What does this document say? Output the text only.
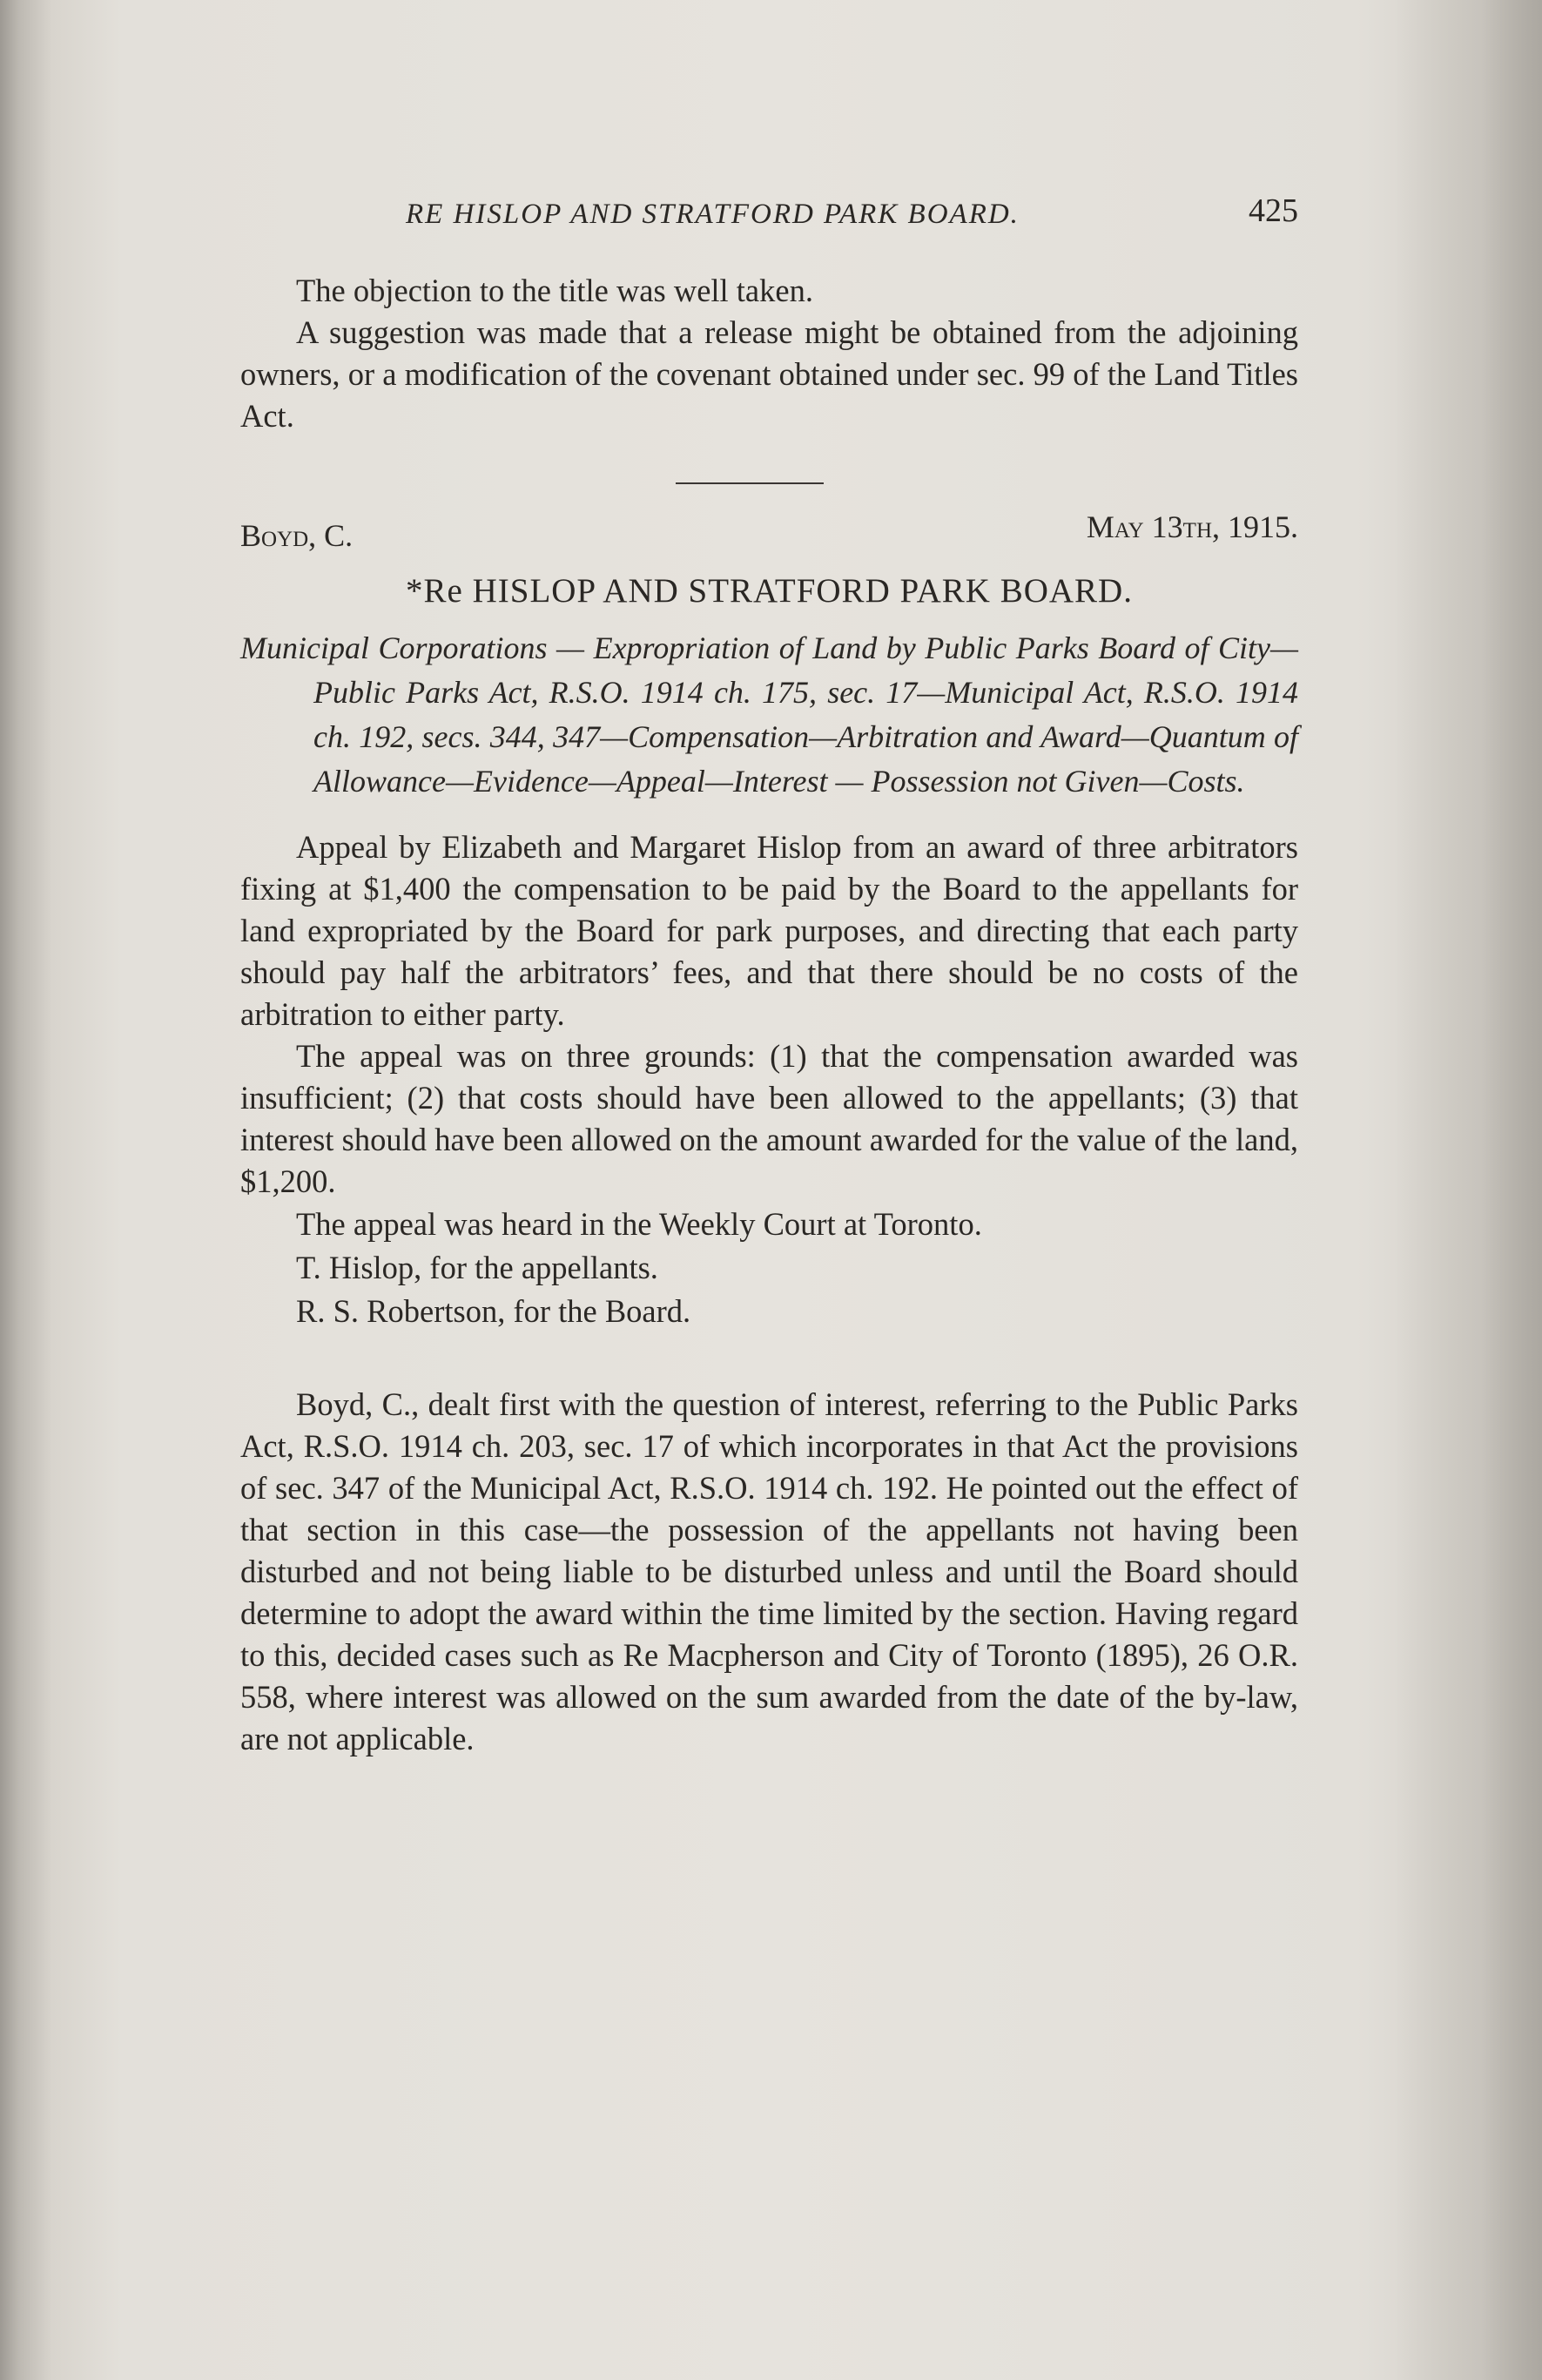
RE HISLOP AND STRATFORD PARK BOARD.	425

The objection to the title was well taken.

A suggestion was made that a release might be obtained from the adjoining owners, or a modification of the covenant obtained under sec. 99 of the Land Titles Act.

Boyd, C.	May 13th, 1915.

*Re HISLOP AND STRATFORD PARK BOARD.

Municipal Corporations — Expropriation of Land by Public Parks Board of City—Public Parks Act, R.S.O. 1914 ch. 175, sec. 17—Municipal Act, R.S.O. 1914 ch. 192, secs. 344, 347—Compensation—Arbitration and Award—Quantum of Allowance—Evidence—Appeal—Interest — Possession not Given—Costs.

Appeal by Elizabeth and Margaret Hislop from an award of three arbitrators fixing at $1,400 the compensation to be paid by the Board to the appellants for land expropriated by the Board for park purposes, and directing that each party should pay half the arbitrators’ fees, and that there should be no costs of the arbitration to either party.

The appeal was on three grounds: (1) that the compensation awarded was insufficient; (2) that costs should have been allowed to the appellants; (3) that interest should have been allowed on the amount awarded for the value of the land, $1,200.

The appeal was heard in the Weekly Court at Toronto.

T. Hislop, for the appellants.

R. S. Robertson, for the Board.

Boyd, C., dealt first with the question of interest, referring to the Public Parks Act, R.S.O. 1914 ch. 203, sec. 17 of which incorporates in that Act the provisions of sec. 347 of the Municipal Act, R.S.O. 1914 ch. 192. He pointed out the effect of that section in this case—the possession of the appellants not having been disturbed and not being liable to be disturbed unless and until the Board should determine to adopt the award within the time limited by the section. Having regard to this, decided cases such as Re Macpherson and City of Toronto (1895), 26 O.R. 558, where interest was allowed on the sum awarded from the date of the by-law, are not applicable.
